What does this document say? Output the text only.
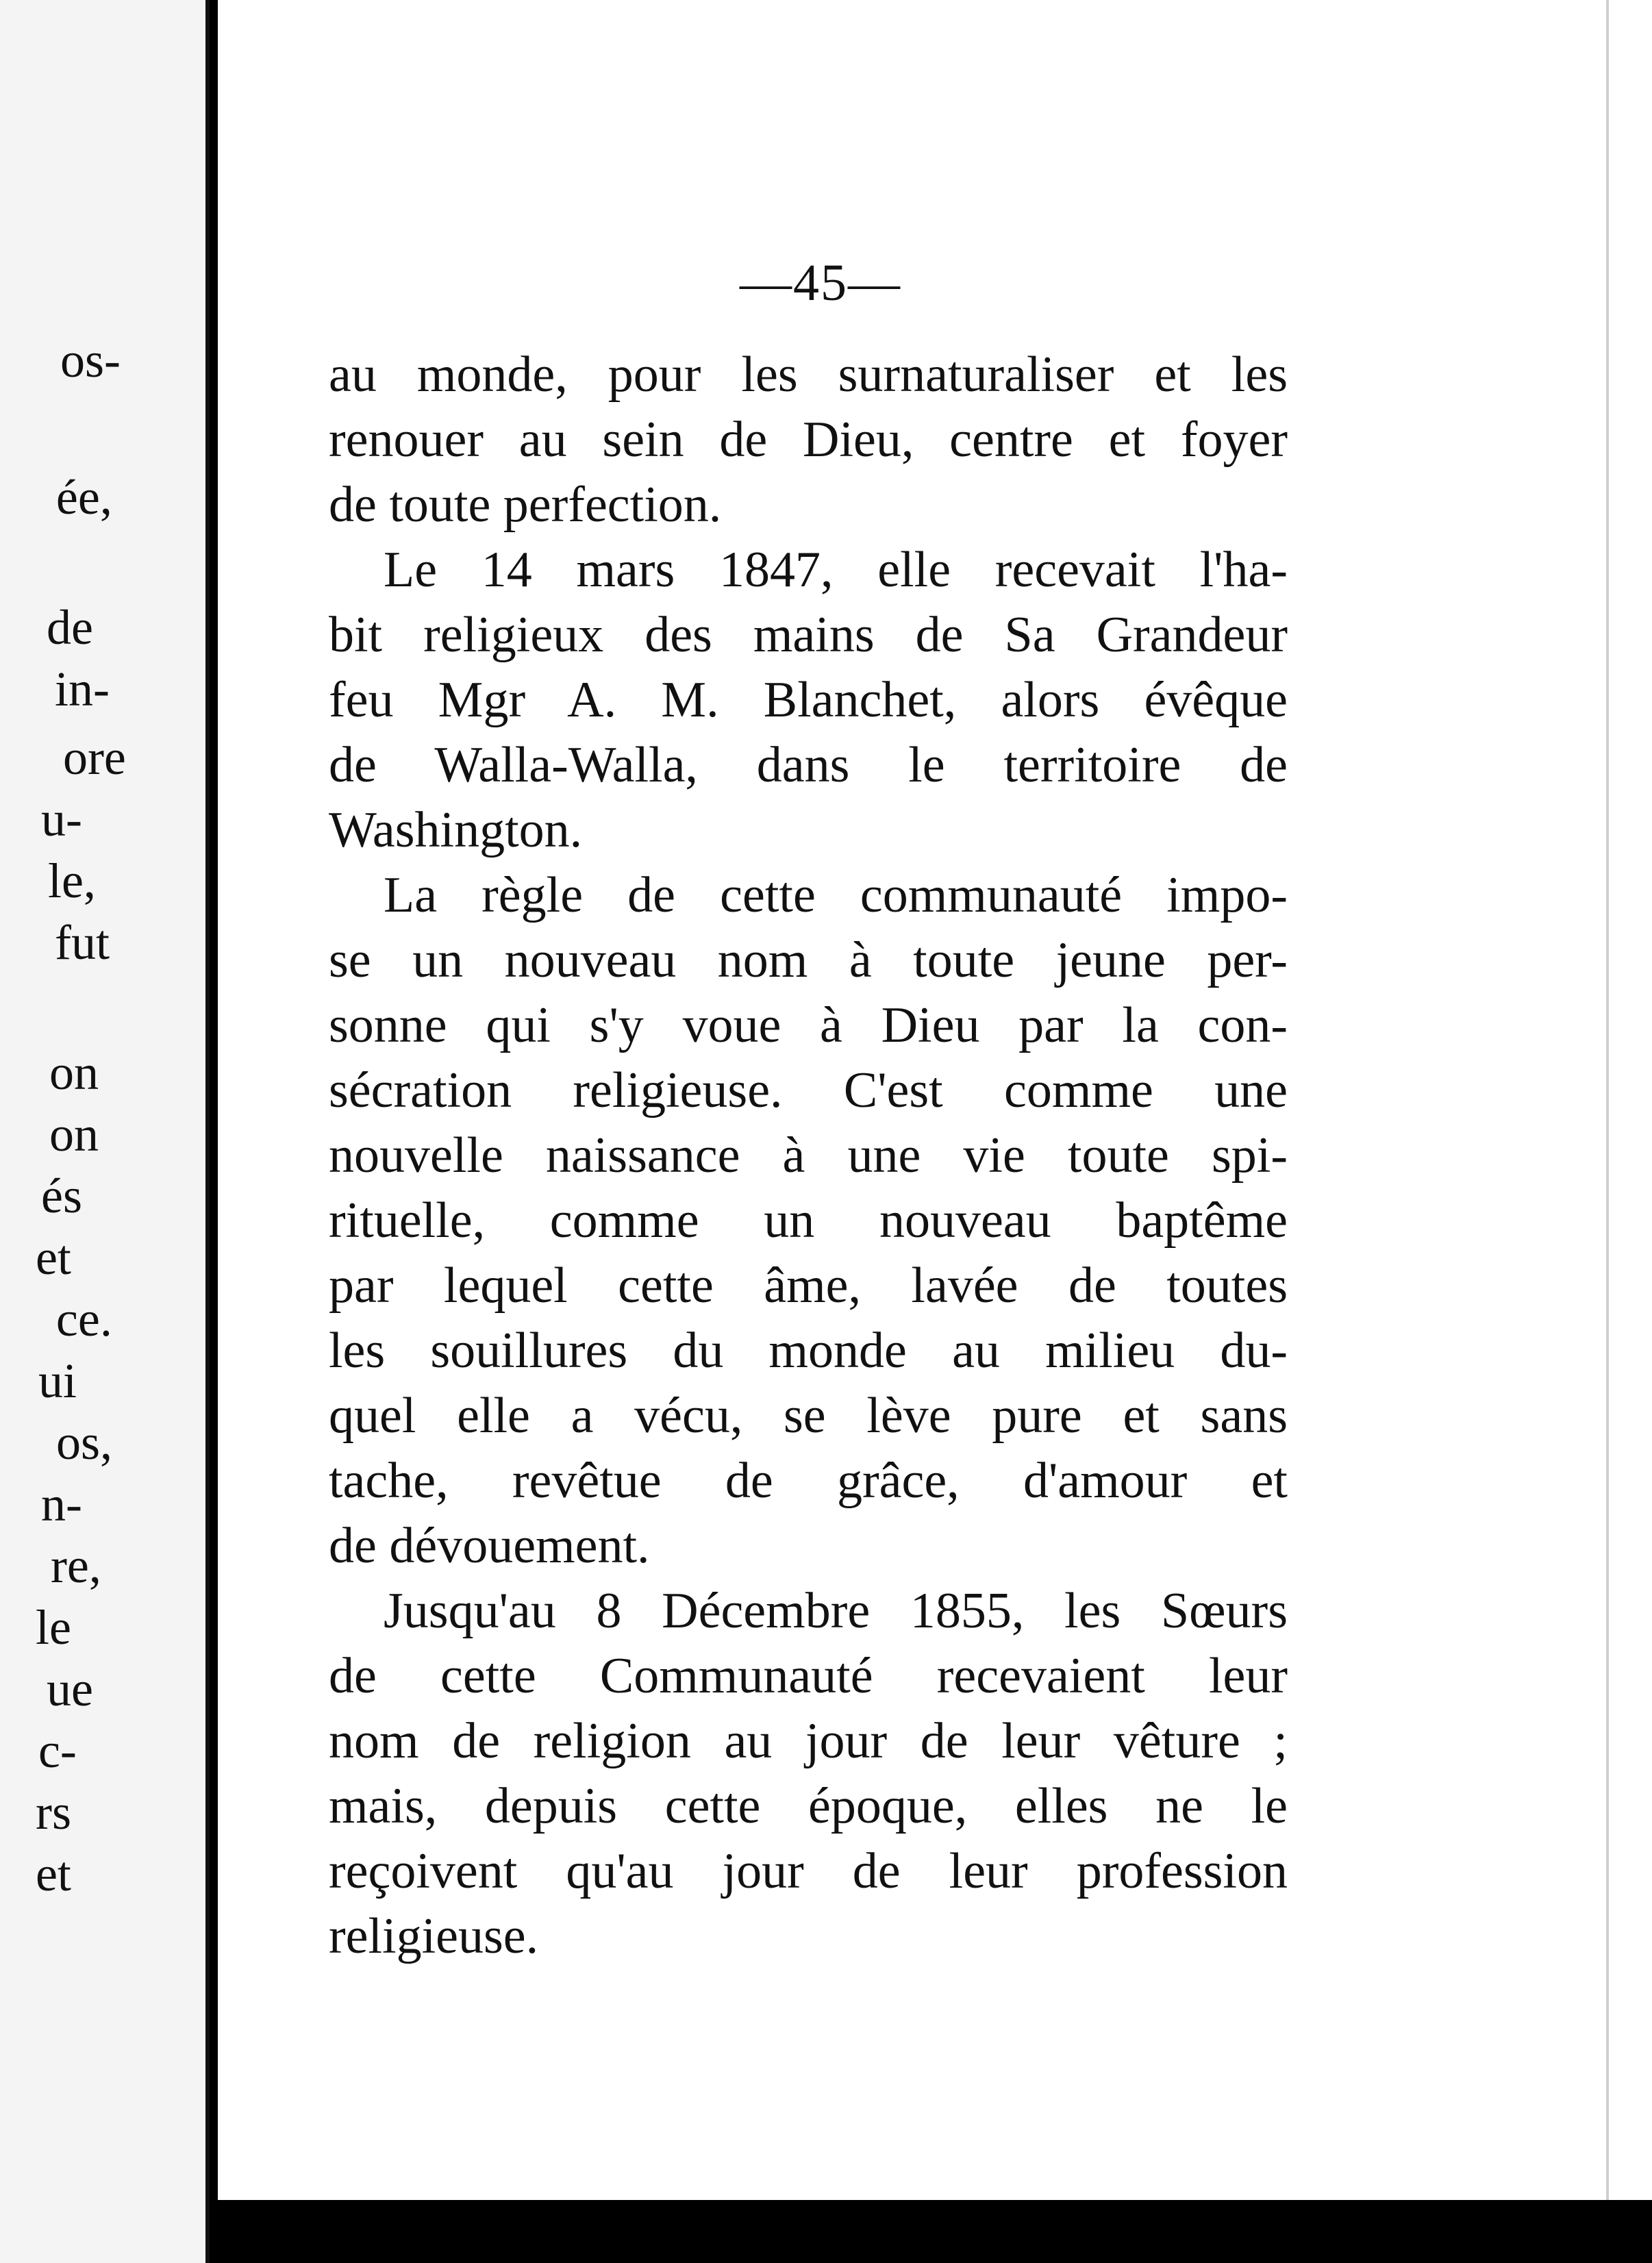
os-
ée,
de
in-
ore
u-
le,
fut
on
on
és
et
ce.
ui
os,
n-
re,
le
ue
c-
rs
et
—45—
au monde, pour les surnaturaliser et les
renouer au sein de Dieu, centre et foyer
de toute perfection.
Le 14 mars 1847, elle recevait l'ha-
bit religieux des mains de Sa Grandeur
feu Mgr A. M. Blanchet, alors évêque
de Walla-Walla, dans le territoire de
Washington.
La règle de cette communauté impo-
se un nouveau nom à toute jeune per-
sonne qui s'y voue à Dieu par la con-
sécration religieuse. C'est comme une
nouvelle naissance à une vie toute spi-
rituelle, comme un nouveau baptême
par lequel cette âme, lavée de toutes
les souillures du monde au milieu du-
quel elle a vécu, se lève pure et sans
tache, revêtue de grâce, d'amour et
de dévouement.
Jusqu'au 8 Décembre 1855, les Sœurs
de cette Communauté recevaient leur
nom de religion au jour de leur vêture ;
mais, depuis cette époque, elles ne le
reçoivent qu'au jour de leur profession
religieuse.
